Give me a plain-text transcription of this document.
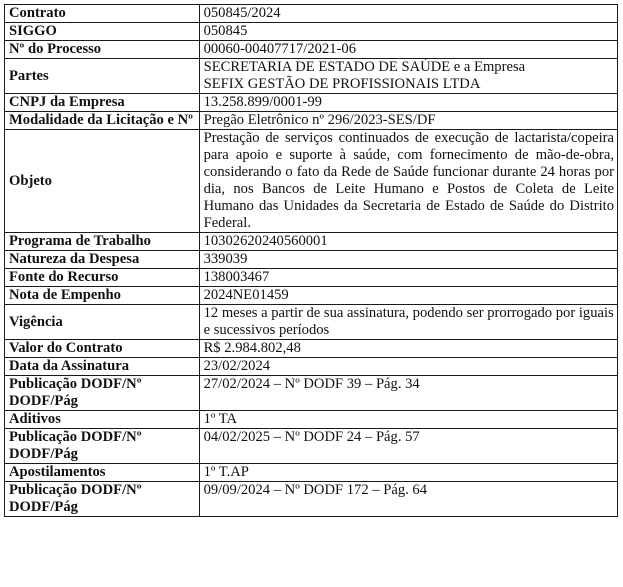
Contrato	050845/2024
SIGGO	050845
Nº do Processo	00060-00407717/2021-06
Partes	SECRETARIA DE ESTADO DE SAÚDE e a Empresa
SEFIX GESTÃO DE PROFISSIONAIS LTDA

CNPJ da Empresa	13.258.899/0001-99
Modalidade da Licitação e Nº	Pregão Eletrônico nº 296/2023-SES/DF
Objeto	Prestação de serviços continuados de execução de lactarista/copeira para apoio e suporte à saúde, com fornecimento de mão-de-obra, considerando o fato da Rede de Saúde funcionar durante 24 horas por dia, nos Bancos de Leite Humano e Postos de Coleta de Leite Humano das Unidades da Secretaria de Estado de Saúde do Distrito Federal.
Programa de Trabalho	10302620240560001
Natureza da Despesa	339039
Fonte do Recurso	138003467
Nota de Empenho	2024NE01459
Vigência	12 meses a partir de sua assinatura, podendo ser prorrogado por iguais e sucessivos períodos
Valor do Contrato	R$ 2.984.802,48
Data da Assinatura	23/02/2024
Publicação DODF/Nº DODF/Pág	27/02/2024 – Nº DODF 39 – Pág. 34
Aditivos	1º TA
Publicação DODF/Nº DODF/Pág	04/02/2025 – Nº DODF 24 – Pág. 57
Apostilamentos	1º T.AP
Publicação DODF/Nº DODF/Pág	09/09/2024 – Nº DODF 172 – Pág. 64
